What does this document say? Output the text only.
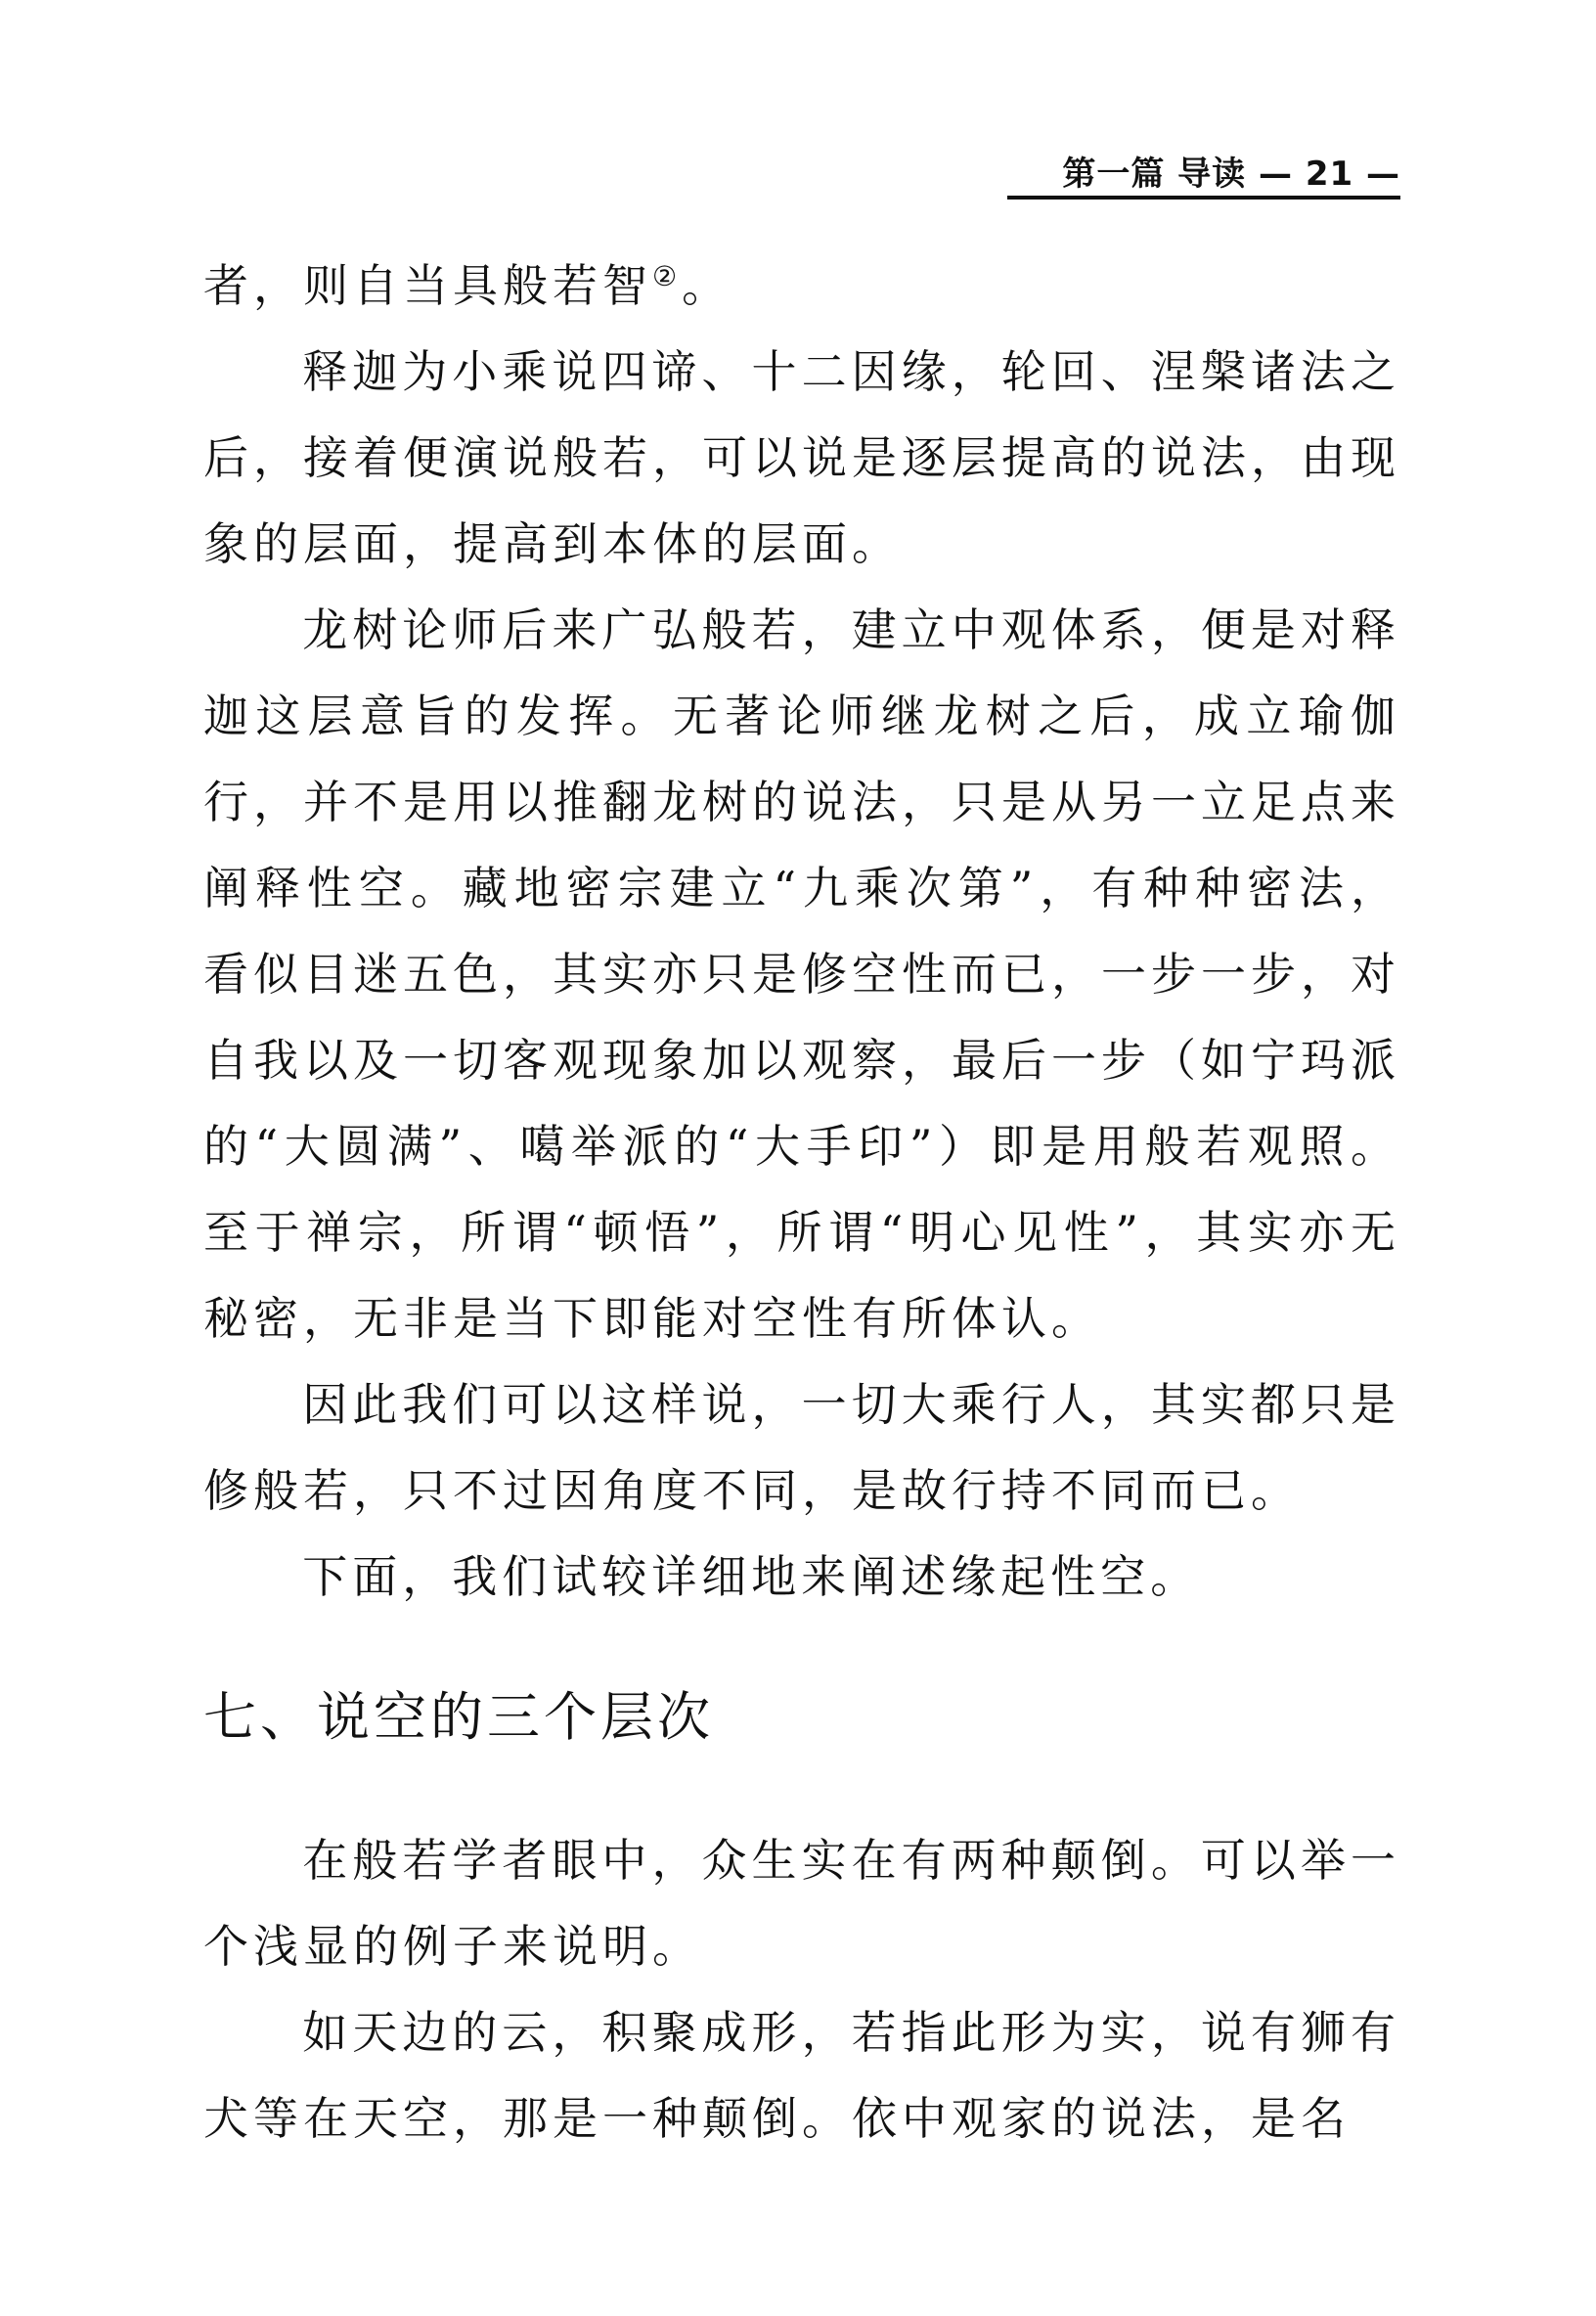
第一篇 导读 — 21 —

者，则自当具般若智②。

释迦为小乘说四谛、十二因缘，轮回、涅槃诸法之后，接着便演说般若，可以说是逐层提高的说法，由现象的层面，提高到本体的层面。

龙树论师后来广弘般若，建立中观体系，便是对释迦这层意旨的发挥。无著论师继龙树之后，成立瑜伽行，并不是用以推翻龙树的说法，只是从另一立足点来阐释性空。藏地密宗建立“九乘次第”，有种种密法，看似目迷五色，其实亦只是修空性而已，一步一步，对自我以及一切客观现象加以观察，最后一步（如宁玛派的“大圆满”、噶举派的“大手印”）即是用般若观照。至于禅宗，所谓“顿悟”，所谓“明心见性”，其实亦无秘密，无非是当下即能对空性有所体认。

因此我们可以这样说，一切大乘行人，其实都只是修般若，只不过因角度不同，是故行持不同而已。

下面，我们试较详细地来阐述缘起性空。

七、说空的三个层次

在般若学者眼中，众生实在有两种颠倒。可以举一个浅显的例子来说明。

如天边的云，积聚成形，若指此形为实，说有狮有犬等在天空，那是一种颠倒。依中观家的说法，是名
